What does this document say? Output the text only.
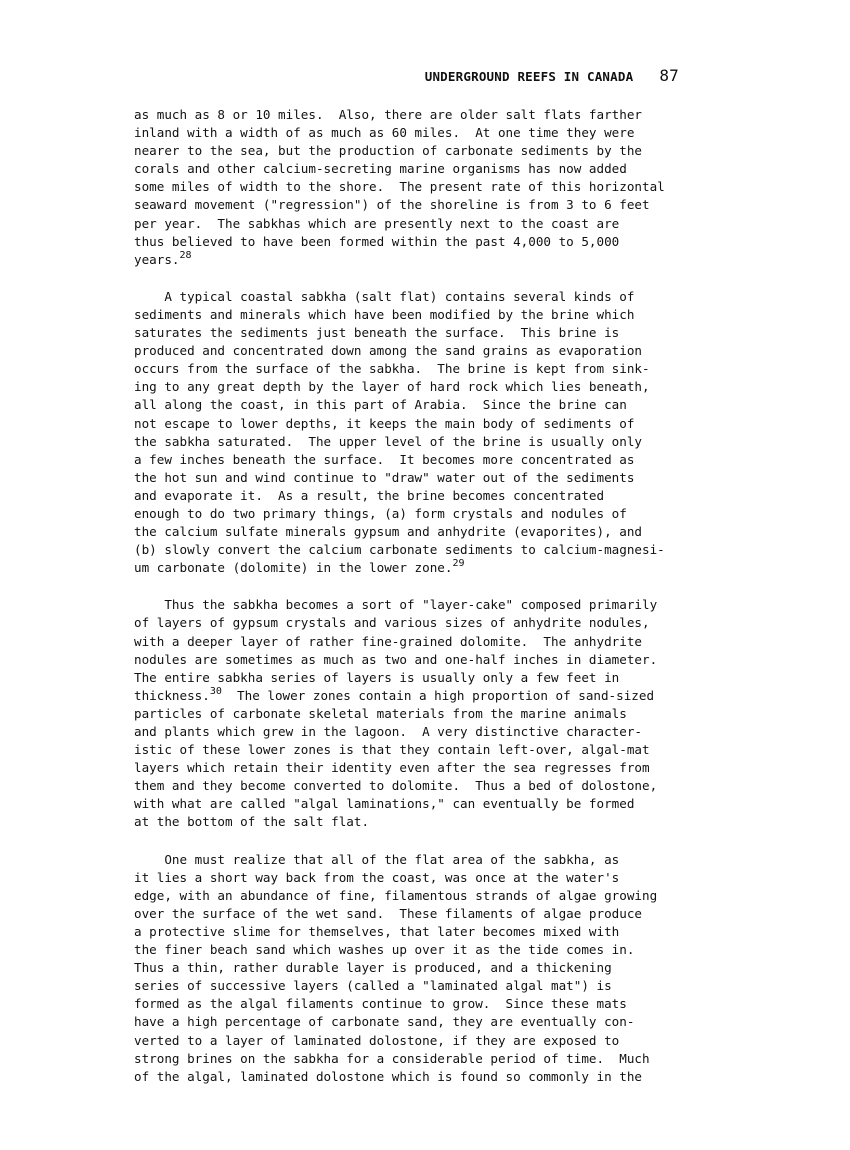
UNDERGROUND REEFS IN CANADA 87
as much as 8 or 10 miles.  Also, there are older salt flats farther
inland with a width of as much as 60 miles.  At one time they were
nearer to the sea, but the production of carbonate sediments by the
corals and other calcium-secreting marine organisms has now added
some miles of width to the shore.  The present rate of this horizontal
seaward movement ("regression") of the shoreline is from 3 to 6 feet
per year.  The sabkhas which are presently next to the coast are
thus believed to have been formed within the past 4,000 to 5,000
years.$^{28}$
A typical coastal sabkha (salt flat) contains several kinds of
sediments and minerals which have been modified by the brine which
saturates the sediments just beneath the surface.  This brine is
produced and concentrated down among the sand grains as evaporation
occurs from the surface of the sabkha.  The brine is kept from sink-
ing to any great depth by the layer of hard rock which lies beneath,
all along the coast, in this part of Arabia.  Since the brine can
not escape to lower depths, it keeps the main body of sediments of
the sabkha saturated.  The upper level of the brine is usually only
a few inches beneath the surface.  It becomes more concentrated as
the hot sun and wind continue to "draw" water out of the sediments
and evaporate it.  As a result, the brine becomes concentrated
enough to do two primary things, (a) form crystals and nodules of
the calcium sulfate minerals gypsum and anhydrite (evaporites), and
(b) slowly convert the calcium carbonate sediments to calcium-magnesi-
um carbonate (dolomite) in the lower zone.$^{29}$
Thus the sabkha becomes a sort of "layer-cake" composed primarily
of layers of gypsum crystals and various sizes of anhydrite nodules,
with a deeper layer of rather fine-grained dolomite.  The anhydrite
nodules are sometimes as much as two and one-half inches in diameter.
The entire sabkha series of layers is usually only a few feet in
thickness.$^{30}$  The lower zones contain a high proportion of sand-sized
particles of carbonate skeletal materials from the marine animals
and plants which grew in the lagoon.  A very distinctive character-
istic of these lower zones is that they contain left-over, algal-mat
layers which retain their identity even after the sea regresses from
them and they become converted to dolomite.  Thus a bed of dolostone,
with what are called "algal laminations," can eventually be formed
at the bottom of the salt flat.
One must realize that all of the flat area of the sabkha, as
it lies a short way back from the coast, was once at the water's
edge, with an abundance of fine, filamentous strands of algae growing
over the surface of the wet sand.  These filaments of algae produce
a protective slime for themselves, that later becomes mixed with
the finer beach sand which washes up over it as the tide comes in.
Thus a thin, rather durable layer is produced, and a thickening
series of successive layers (called a "laminated algal mat") is
formed as the algal filaments continue to grow.  Since these mats
have a high percentage of carbonate sand, they are eventually con-
verted to a layer of laminated dolostone, if they are exposed to
strong brines on the sabkha for a considerable period of time.  Much
of the algal, laminated dolostone which is found so commonly in the
